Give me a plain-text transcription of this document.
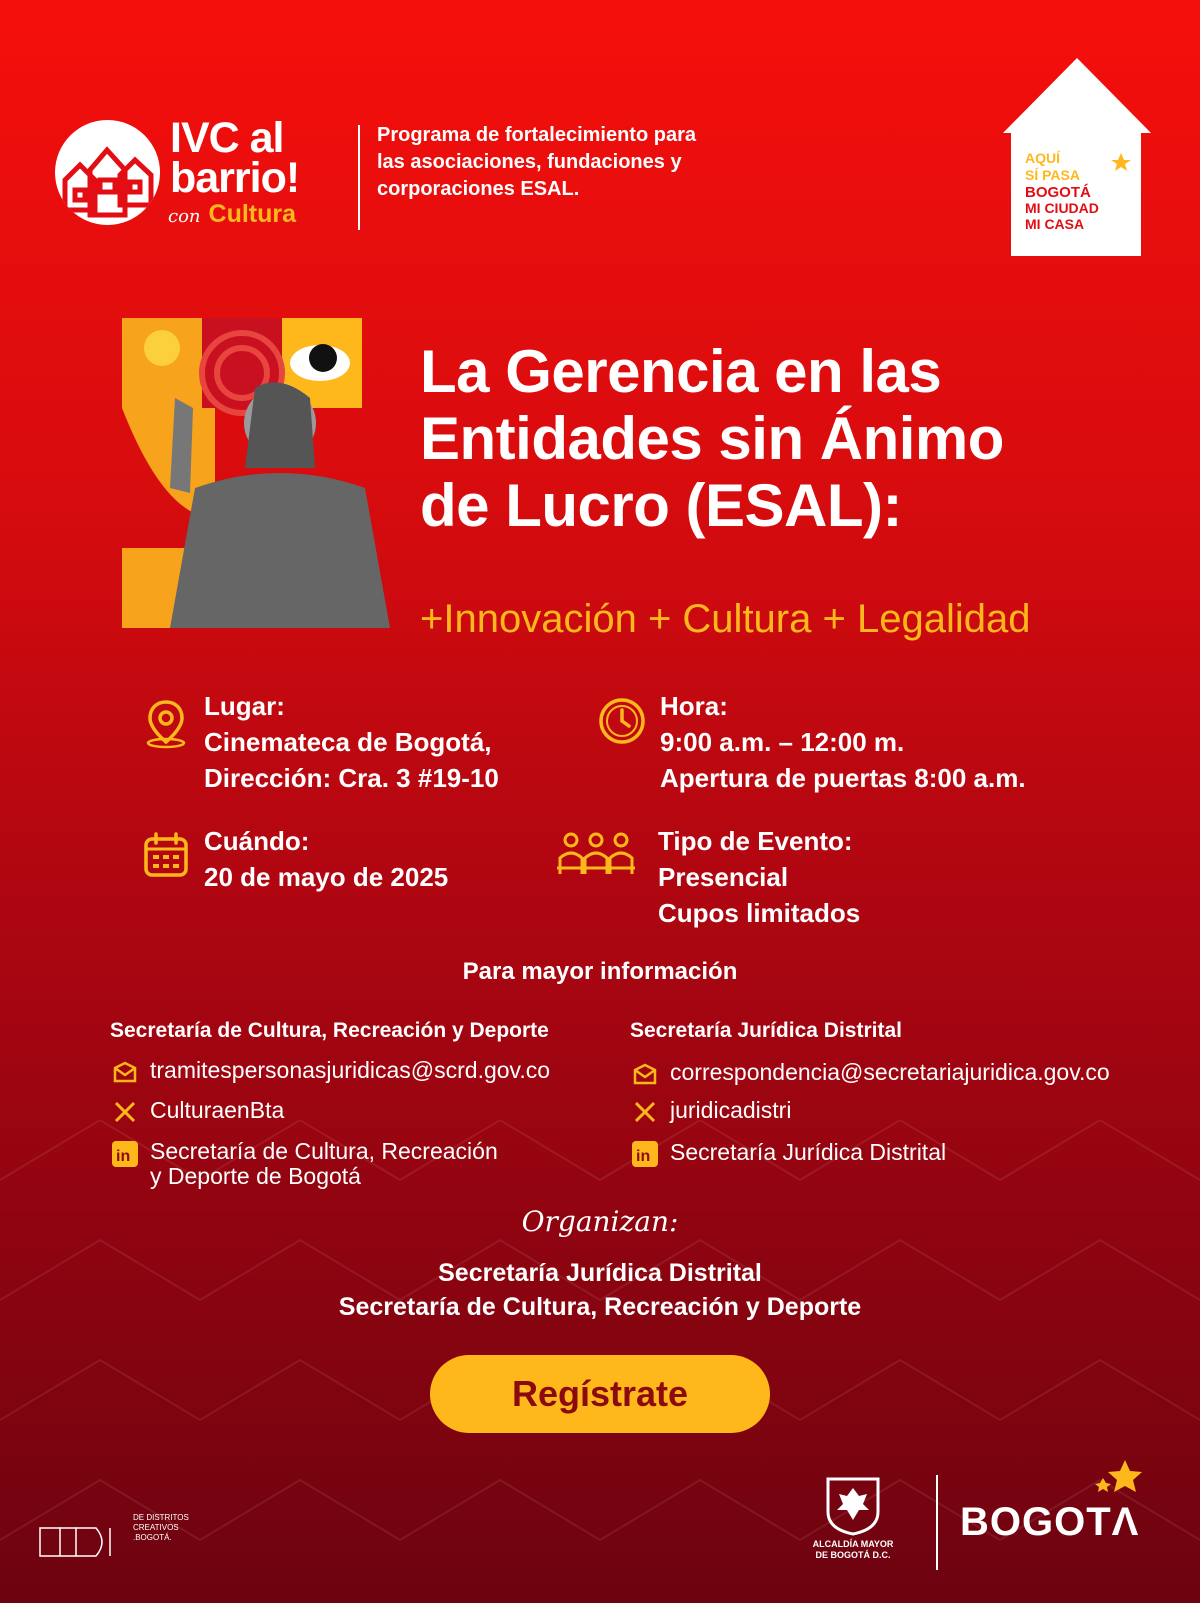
IVC al
barrio!
con Cultura
Programa de fortalecimiento para las asociaciones, fundaciones y corporaciones ESAL.
AQUÍ
SÍ PASA
BOGOTÁ
MI CIUDAD
MI CASA
La Gerencia en las
Entidades sin Ánimo
de Lucro (ESAL):
+Innovación + Cultura + Legalidad
Lugar:
Cinemateca de Bogotá,
Dirección: Cra. 3 #19-10
Hora:
9:00 a.m. – 12:00 m.
Apertura de puertas 8:00 a.m.
Cuándo:
20 de mayo de 2025
Tipo de Evento:
Presencial
Cupos limitados
Para mayor información
Secretaría de Cultura, Recreación y Deporte
tramitespersonasjuridicas@scrd.gov.co
CulturaenBta
in Secretaría de Cultura, Recreación
y Deporte de Bogotá
Secretaría Jurídica Distrital
correspondencia@secretariajuridica.gov.co
juridicadistri
in Secretaría Jurídica Distrital
Organizan:
Secretaría Jurídica Distrital
Secretaría de Cultura, Recreación y Deporte
Regístrate
DE DISTRITOS
CREATIVOS
.BOGOTÁ.
ALCALDÍA MAYOR
DE BOGOTÁ D.C.
BOGOTΛ
